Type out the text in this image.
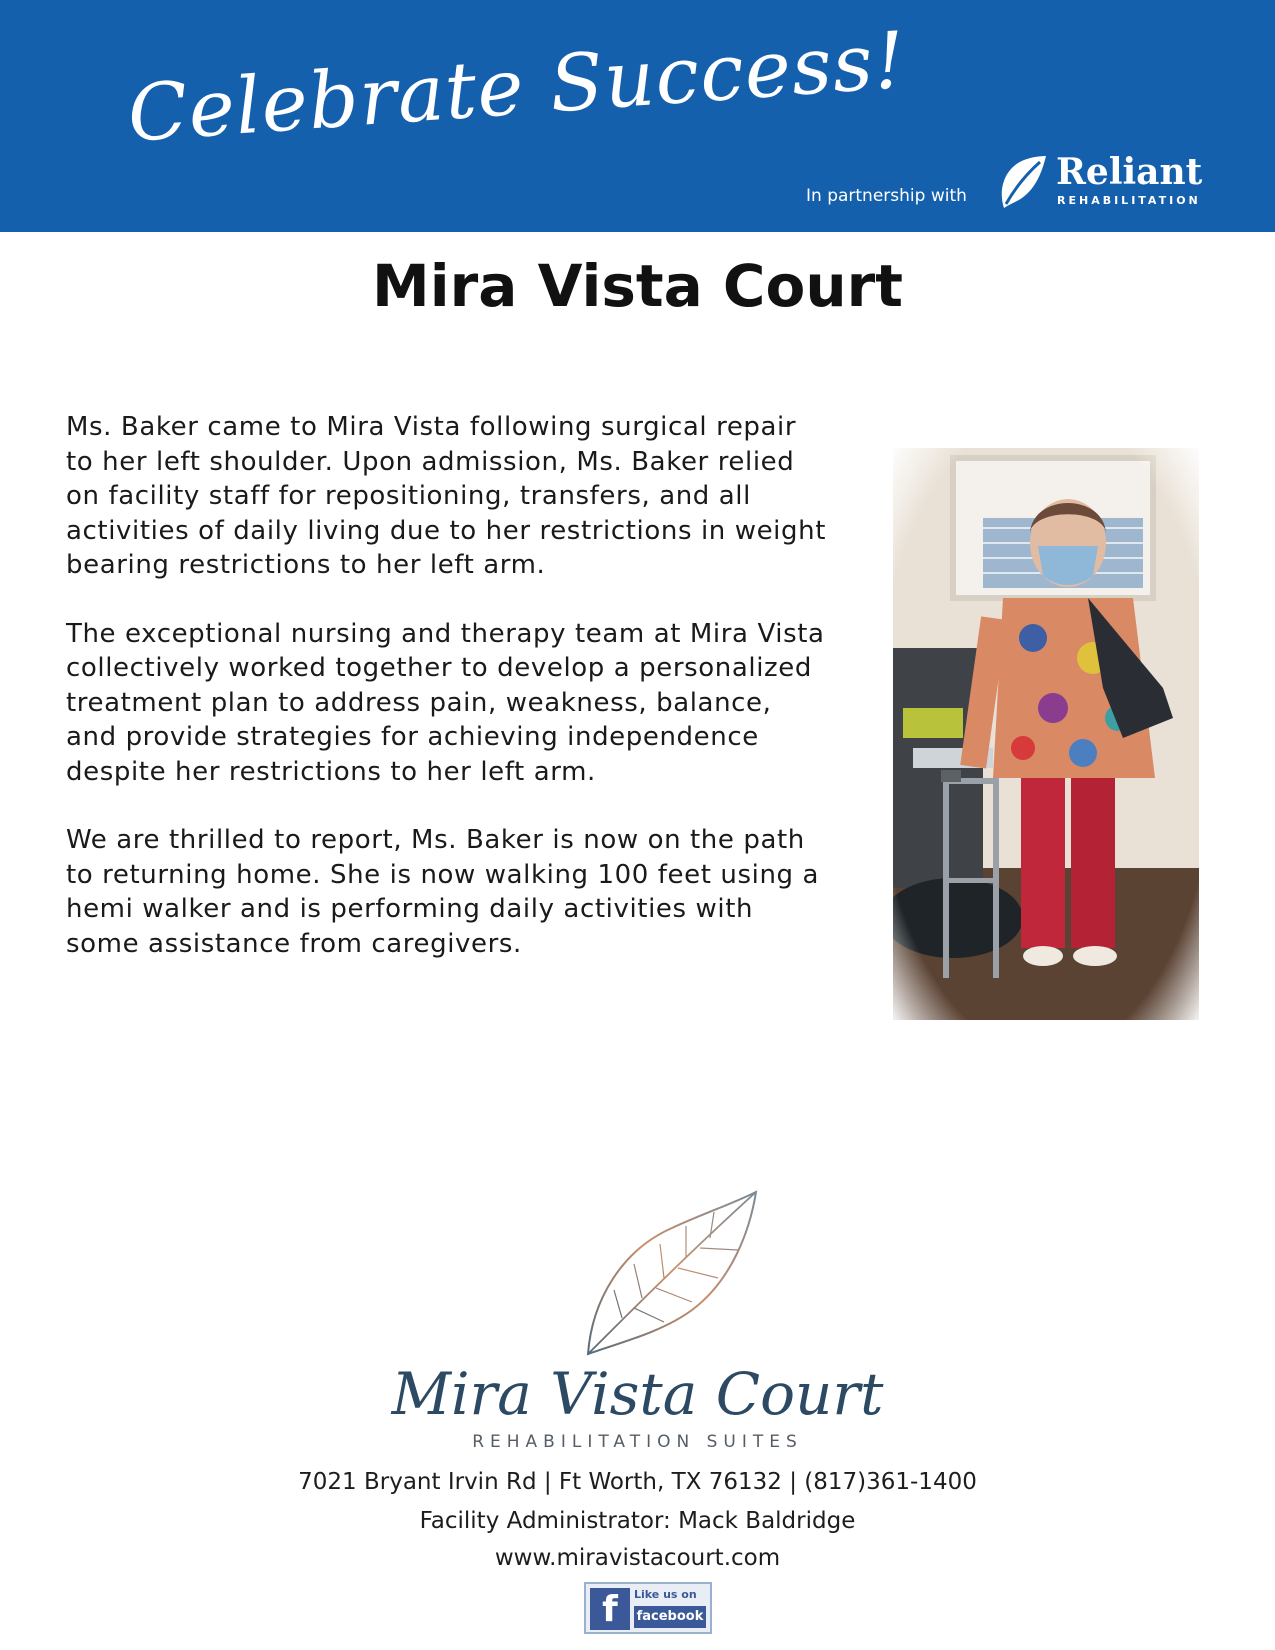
Celebrate Success!
In partnership with
Reliant
REHABILITATION
Mira Vista Court

Ms. Baker came to Mira Vista following surgical repair to her left shoulder. Upon admission, Ms. Baker relied on facility staff for repositioning, transfers, and all activities of daily living due to her restrictions in weight bearing restrictions to her left arm.

The exceptional nursing and therapy team at Mira Vista collectively worked together to develop a personalized treatment plan to address pain, weakness, balance, and provide strategies for achieving independence despite her restrictions to her left arm.

We are thrilled to report, Ms. Baker is now on the path to returning home. She is now walking 100 feet using a hemi walker and is performing daily activities with some assistance from caregivers.

Mira Vista Court
REHABILITATION SUITES
7021 Bryant Irvin Rd | Ft Worth, TX 76132 | (817)361-1400
Facility Administrator: Mack Baldridge
www.miravistacourt.com
f	Like us on
facebook
